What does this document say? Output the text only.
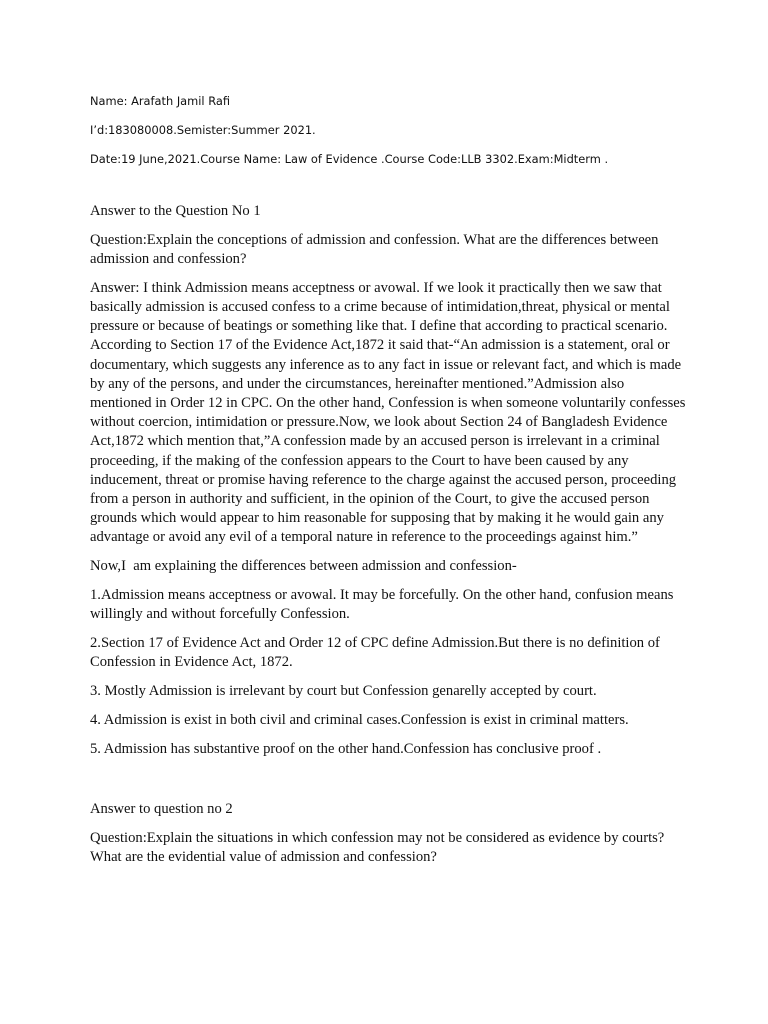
Name: Arafath Jamil Rafi

I’d:183080008.Semister:Summer 2021.

Date:19 June,2021.Course Name: Law of Evidence .Course Code:LLB 3302.Exam:Midterm .

Answer to the Question No 1

Question:Explain the conceptions of admission and confession. What are the differences between admission and confession?

Answer: I think Admission means acceptness or avowal. If we look it practically then we saw that basically admission is accused confess to a crime because of intimidation,threat, physical or mental pressure or because of beatings or something like that. I define that according to practical scenario. According to Section 17 of the Evidence Act,1872 it said that-“An admission is a statement, oral or documentary, which suggests any inference as to any fact in issue or relevant fact, and which is made by any of the persons, and under the circumstances, hereinafter mentioned.”Admission also mentioned in Order 12 in CPC. On the other hand, Confession is when someone voluntarily confesses without coercion, intimidation or pressure.Now, we look about Section 24 of Bangladesh Evidence Act,1872 which mention that,”A confession made by an accused person is irrelevant in a criminal proceeding, if the making of the confession appears to the Court to have been caused by any inducement, threat or promise having reference to the charge against the accused person, proceeding from a person in authority and sufficient, in the opinion of the Court, to give the accused person grounds which would appear to him reasonable for supposing that by making it he would gain any advantage or avoid any evil of a temporal nature in reference to the proceedings against him.”

Now,I  am explaining the differences between admission and confession-

1.Admission means acceptness or avowal. It may be forcefully. On the other hand, confusion means willingly and without forcefully Confession.

2.Section 17 of Evidence Act and Order 12 of CPC define Admission.But there is no definition of Confession in Evidence Act, 1872.

3. Mostly Admission is irrelevant by court but Confession genarelly accepted by court.

4. Admission is exist in both civil and criminal cases.Confession is exist in criminal matters.

5. Admission has substantive proof on the other hand.Confession has conclusive proof .

Answer to question no 2

Question:Explain the situations in which confession may not be considered as evidence by courts? What are the evidential value of admission and confession?
